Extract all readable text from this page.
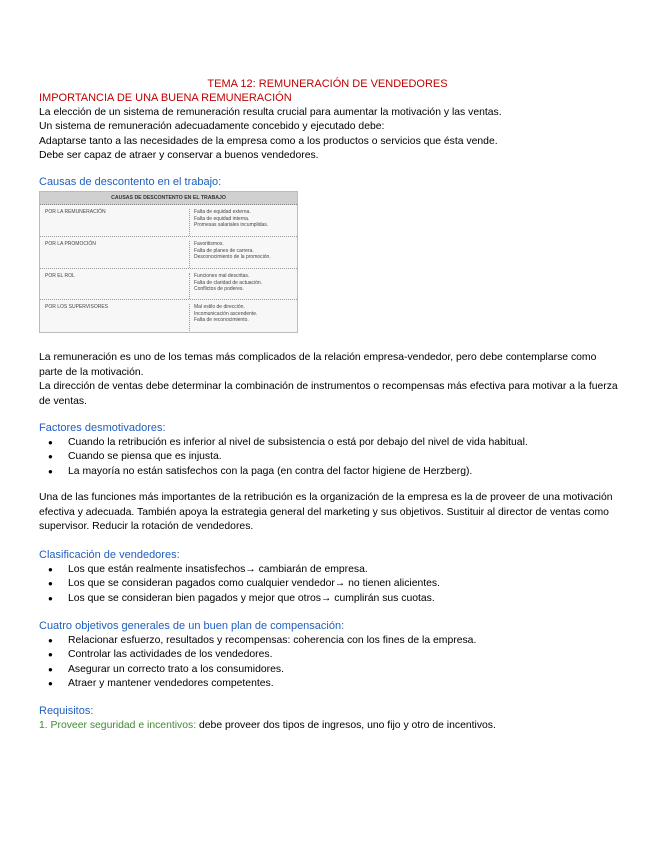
TEMA 12: REMUNERACIÓN DE VENDEDORES
IMPORTANCIA DE UNA BUENA REMUNERACIÓN

La elección de un sistema de remuneración resulta crucial para aumentar la motivación y las ventas.

Un sistema de remuneración adecuadamente concebido y ejecutado debe:

Adaptarse tanto a las necesidades de la empresa como a los productos o servicios que ésta vende.

Debe ser capaz de atraer y conservar a buenos vendedores.

Causas de descontento en el trabajo:
CAUSAS DE DESCONTENTO EN EL TRABAJO
POR LA REMUNERACIÓN	Falta de equidad externa.
Falta de equidad interna.
Promesas salariales incumplidas.
POR LA PROMOCIÓN	Favoritismos.
Falta de planes de carrera.
Desconocimiento de la promoción.
POR EL ROL	Funciones mal descritas.
Falta de claridad de actuación.
Conflictos de poderes.
POR LOS SUPERVISORES	Mal estilo de dirección.
Incomunicación ascendente.
Falta de reconocimiento.

La remuneración es uno de los temas más complicados de la relación empresa-vendedor, pero debe contemplarse como parte de la motivación.

La dirección de ventas debe determinar la combinación de instrumentos o recompensas más efectiva para motivar a la fuerza de ventas.

Factores desmotivadores:
● Cuando la retribución es inferior al nivel de subsistencia o está por debajo del nivel de vida habitual.
● Cuando se piensa que es injusta.
● La mayoría no están satisfechos con la paga (en contra del factor higiene de Herzberg).

Una de las funciones más importantes de la retribución es la organización de la empresa es la de proveer de una motivación efectiva y adecuada. También apoya la estrategia general del marketing y sus objetivos. Sustituir al director de ventas como supervisor. Reducir la rotación de vendedores.

Clasificación de vendedores:
● Los que están realmente insatisfechos→ cambiarán de empresa.
● Los que se consideran pagados como cualquier vendedor→ no tienen alicientes.
● Los que se consideran bien pagados y mejor que otros→ cumplirán sus cuotas.
Cuatro objetivos generales de un buen plan de compensación:
● Relacionar esfuerzo, resultados y recompensas: coherencia con los fines de la empresa.
● Controlar las actividades de los vendedores.
● Asegurar un correcto trato a los consumidores.
● Atraer y mantener vendedores competentes.
Requisitos:

1. Proveer seguridad e incentivos: debe proveer dos tipos de ingresos, uno fijo y otro de incentivos.
